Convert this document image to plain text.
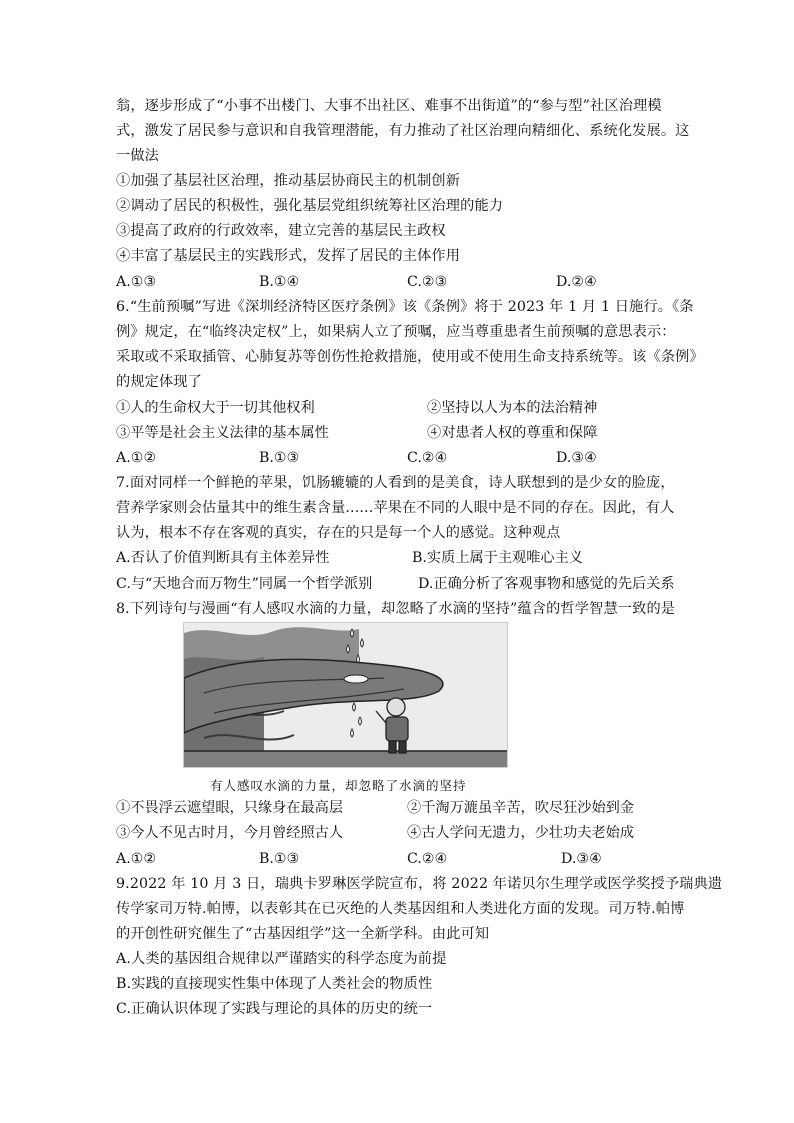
翁，逐步形成了“小事不出楼门、大事不出社区、难事不出街道”的“参与型”社区治理模
式，激发了居民参与意识和自我管理潜能，有力推动了社区治理向精细化、系统化发展。这
一做法
①加强了基层社区治理，推动基层协商民主的机制创新
②调动了居民的积极性，强化基层党组织统筹社区治理的能力
③提高了政府的行政效率，建立完善的基层民主政权
④丰富了基层民主的实践形式，发挥了居民的主体作用
A.①③	B.①④	C.②③	D.②④
6.“生前预嘱”写进《深圳经济特区医疗条例》该《条例》将于 2023 年 1 月 1 日施行。《条
例》规定，在“临终决定权”上，如果病人立了预嘱，应当尊重患者生前预嘱的意思表示：
采取或不采取插管、心肺复苏等创伤性抢救措施，使用或不使用生命支持系统等。该《条例》
的规定体现了
①人的生命权大于一切其他权利	②坚持以人为本的法治精神
③平等是社会主义法律的基本属性	④对患者人权的尊重和保障
A.①②	B.①③	C.②④	D.③④
7.面对同样一个鲜艳的苹果，饥肠辘辘的人看到的是美食，诗人联想到的是少女的脸庞，
营养学家则会估量其中的维生素含量......苹果在不同的人眼中是不同的存在。因此，有人
认为，根本不存在客观的真实，存在的只是每一个人的感觉。这种观点
A.否认了价值判断具有主体差异性	B.实质上属于主观唯心主义
C.与“天地合而万物生”同属一个哲学派别	D.正确分析了客观事物和感觉的先后关系
8.下列诗句与漫画“有人感叹水滴的力量，却忽略了水滴的坚持”蕴含的哲学智慧一致的是
有人感叹水滴的力量，却忽略了水滴的坚持
①不畏浮云遮望眼，只缘身在最高层	②千淘万漉虽辛苦，吹尽狂沙始到金
③今人不见古时月，今月曾经照古人	④古人学问无遗力，少壮功夫老始成
A.①②	B.①③	C.②④	D.③④
9.2022 年 10 月 3 日，瑞典卡罗琳医学院宣布，将 2022 年诺贝尔生理学或医学奖授予瑞典遗
传学家司万特.帕博，以表彰其在已灭绝的人类基因组和人类进化方面的发现。司万特.帕博
的开创性研究催生了“古基因组学”这一全新学科。由此可知
A.人类的基因组合规律以严谨踏实的科学态度为前提
B.实践的直接现实性集中体现了人类社会的物质性
C.正确认识体现了实践与理论的具体的历史的统一
